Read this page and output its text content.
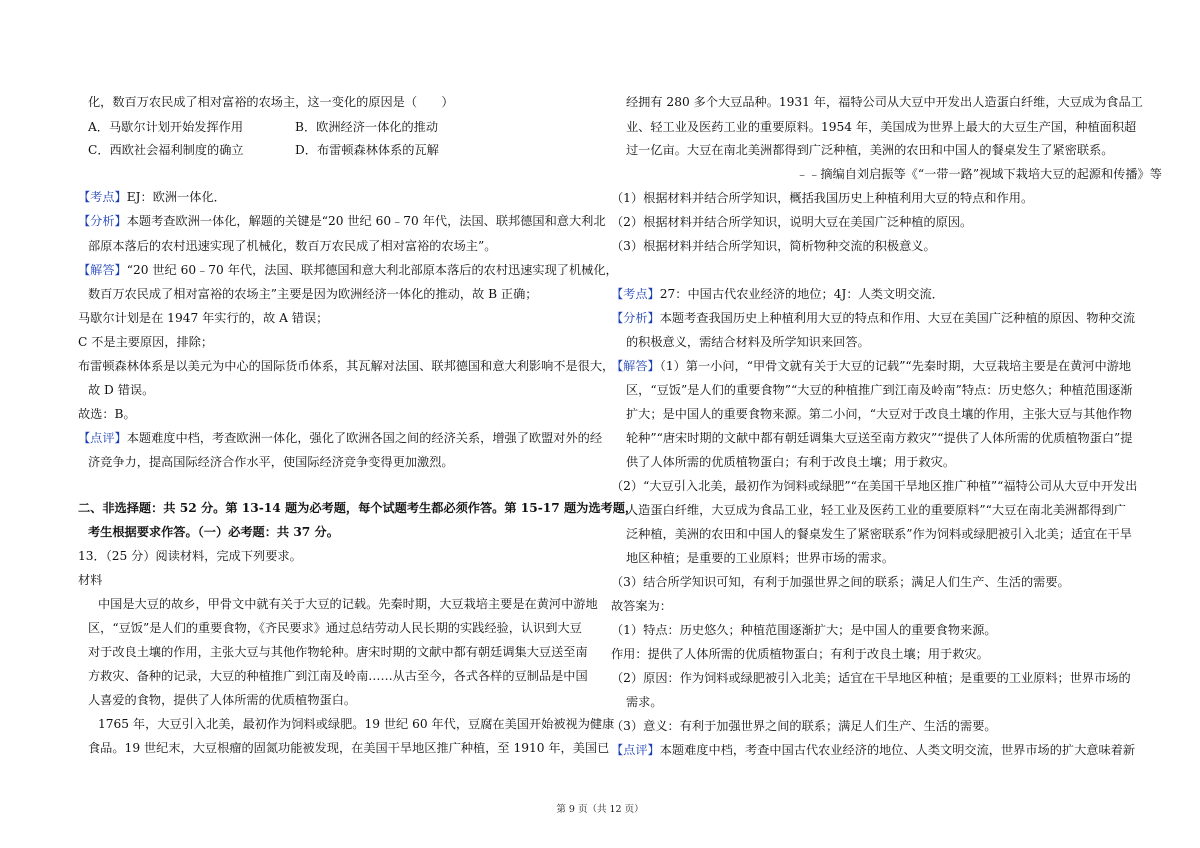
化，数百万农民成了相对富裕的农场主，这一变化的原因是（　　）
A．马歇尔计划开始发挥作用	B．欧洲经济一体化的推动
C．西欧社会福利制度的确立	D．布雷顿森林体系的瓦解
【考点】EJ：欧洲一体化．
【分析】本题考查欧洲一体化，解题的关键是“20 世纪 60﹣70 年代，法国、联邦德国和意大利北
部原本落后的农村迅速实现了机械化，数百万农民成了相对富裕的农场主”。
【解答】“20 世纪 60﹣70 年代，法国、联邦德国和意大利北部原本落后的农村迅速实现了机械化，
数百万农民成了相对富裕的农场主”主要是因为欧洲经济一体化的推动，故 B 正确；
马歇尔计划是在 1947 年实行的，故 A 错误；
C 不是主要原因，排除；
布雷顿森林体系是以美元为中心的国际货币体系，其瓦解对法国、联邦德国和意大利影响不是很大，
故 D 错误。
故选：B。
【点评】本题难度中档，考查欧洲一体化，强化了欧洲各国之间的经济关系，增强了欧盟对外的经
济竞争力，提高国际经济合作水平，使国际经济竞争变得更加激烈。
二、非选择题：共 52 分。第 13-14 题为必考题，每个试题考生都必须作答。第 15-17 题为选考题，
考生根据要求作答。（一）必考题：共 37 分。
13．（25 分）阅读材料，完成下列要求。
材料
中国是大豆的故乡，甲骨文中就有关于大豆的记载。先秦时期，大豆栽培主要是在黄河中游地
区，“豆饭”是人们的重要食物，《齐民要求》通过总结劳动人民长期的实践经验，认识到大豆
对于改良土壤的作用，主张大豆与其他作物轮种。唐宋时期的文献中都有朝廷调集大豆送至南
方救灾、备种的记录，大豆的种植推广到江南及岭南……从古至今，各式各样的豆制品是中国
人喜爱的食物，提供了人体所需的优质植物蛋白。
1765 年，大豆引入北美，最初作为饲料或绿肥。19 世纪 60 年代，豆腐在美国开始被视为健康
食品。19 世纪末，大豆根瘤的固氮功能被发现，在美国干旱地区推广种植，至 1910 年，美国已
经拥有 280 多个大豆品种。1931 年，福特公司从大豆中开发出人造蛋白纤维，大豆成为食品工
业、轻工业及医药工业的重要原料。1954 年，美国成为世界上最大的大豆生产国，种植面积超
过一亿亩。大豆在南北美洲都得到广泛种植，美洲的农田和中国人的餐桌发生了紧密联系。
﹣﹣摘编自刘启振等《“一带一路”视域下栽培大豆的起源和传播》等
（1）根据材料并结合所学知识，概括我国历史上种植利用大豆的特点和作用。
（2）根据材料并结合所学知识，说明大豆在美国广泛种植的原因。
（3）根据材料并结合所学知识，简析物种交流的积极意义。
【考点】27：中国古代农业经济的地位；4J：人类文明交流．
【分析】本题考查我国历史上种植利用大豆的特点和作用、大豆在美国广泛种植的原因、物种交流
的积极意义，需结合材料及所学知识来回答。
【解答】（1）第一小问，“甲骨文就有关于大豆的记载”“先秦时期，大豆栽培主要是在黄河中游地
区，“豆饭”是人们的重要食物”“大豆的种植推广到江南及岭南”特点：历史悠久；种植范围逐渐
扩大；是中国人的重要食物来源。第二小问，“大豆对于改良土壤的作用，主张大豆与其他作物
轮种”“唐宋时期的文献中都有朝廷调集大豆送至南方救灾”“提供了人体所需的优质植物蛋白”提
供了人体所需的优质植物蛋白；有利于改良土壤；用于救灾。
（2）“大豆引入北美，最初作为饲料或绿肥”“在美国干旱地区推广种植”“福特公司从大豆中开发出
人造蛋白纤维，大豆成为食品工业，轻工业及医药工业的重要原料”“大豆在南北美洲都得到广
泛种植，美洲的农田和中国人的餐桌发生了紧密联系”作为饲料或绿肥被引入北美；适宜在干旱
地区种植；是重要的工业原料；世界市场的需求。
（3）结合所学知识可知，有利于加强世界之间的联系；满足人们生产、生活的需要。
故答案为：
（1）特点：历史悠久；种植范围逐渐扩大；是中国人的重要食物来源。
作用：提供了人体所需的优质植物蛋白；有利于改良土壤；用于救灾。
（2）原因：作为饲料或绿肥被引入北美；适宜在干旱地区种植；是重要的工业原料；世界市场的
需求。
（3）意义：有利于加强世界之间的联系；满足人们生产、生活的需要。
【点评】本题难度中档，考查中国古代农业经济的地位、人类文明交流，世界市场的扩大意味着新
第 9 页（共 12 页）
